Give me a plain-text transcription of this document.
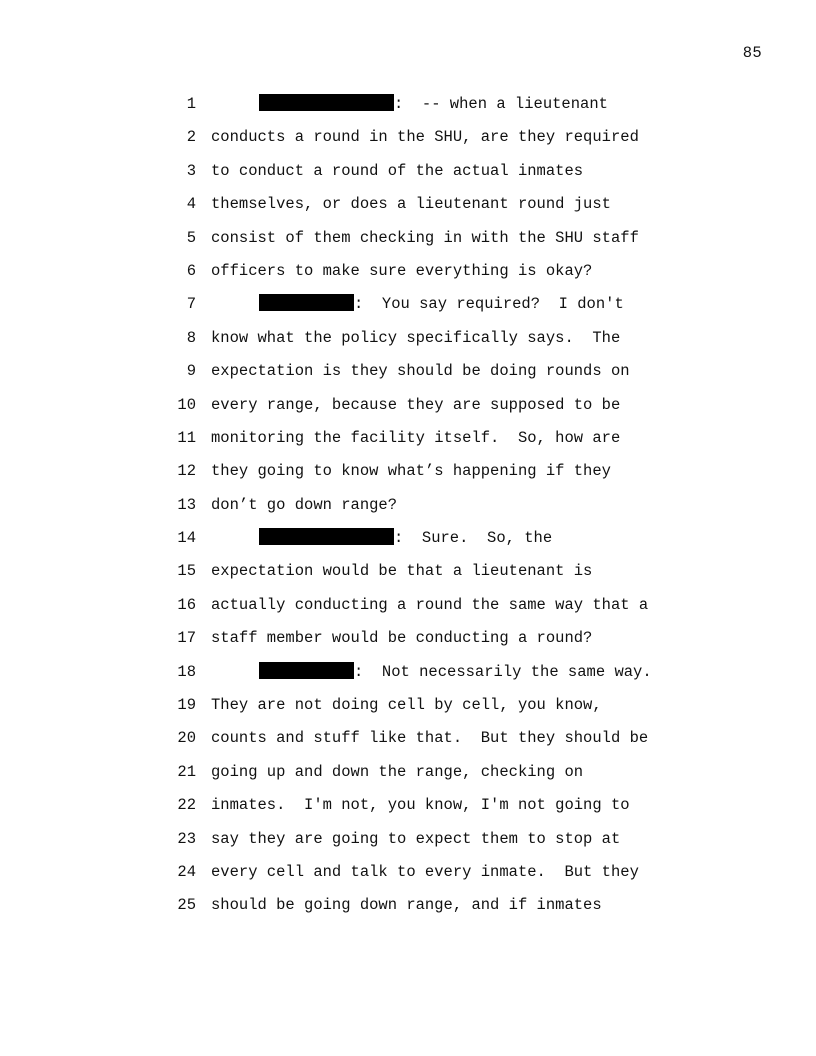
85
1	:  -- when a lieutenant
2 conducts a round in the SHU, are they required
3 to conduct a round of the actual inmates
4 themselves, or does a lieutenant round just
5 consist of them checking in with the SHU staff
6 officers to make sure everything is okay?
7	:  You say required?  I don't
8 know what the policy specifically says.  The
9 expectation is they should be doing rounds on
10 every range, because they are supposed to be
11 monitoring the facility itself.  So, how are
12 they going to know what’s happening if they
13 don’t go down range?
14	:  Sure.  So, the
15 expectation would be that a lieutenant is
16 actually conducting a round the same way that a
17 staff member would be conducting a round?
18	:  Not necessarily the same way.
19 They are not doing cell by cell, you know,
20 counts and stuff like that.  But they should be
21 going up and down the range, checking on
22 inmates.  I'm not, you know, I'm not going to
23 say they are going to expect them to stop at
24 every cell and talk to every inmate.  But they
25 should be going down range, and if inmates
